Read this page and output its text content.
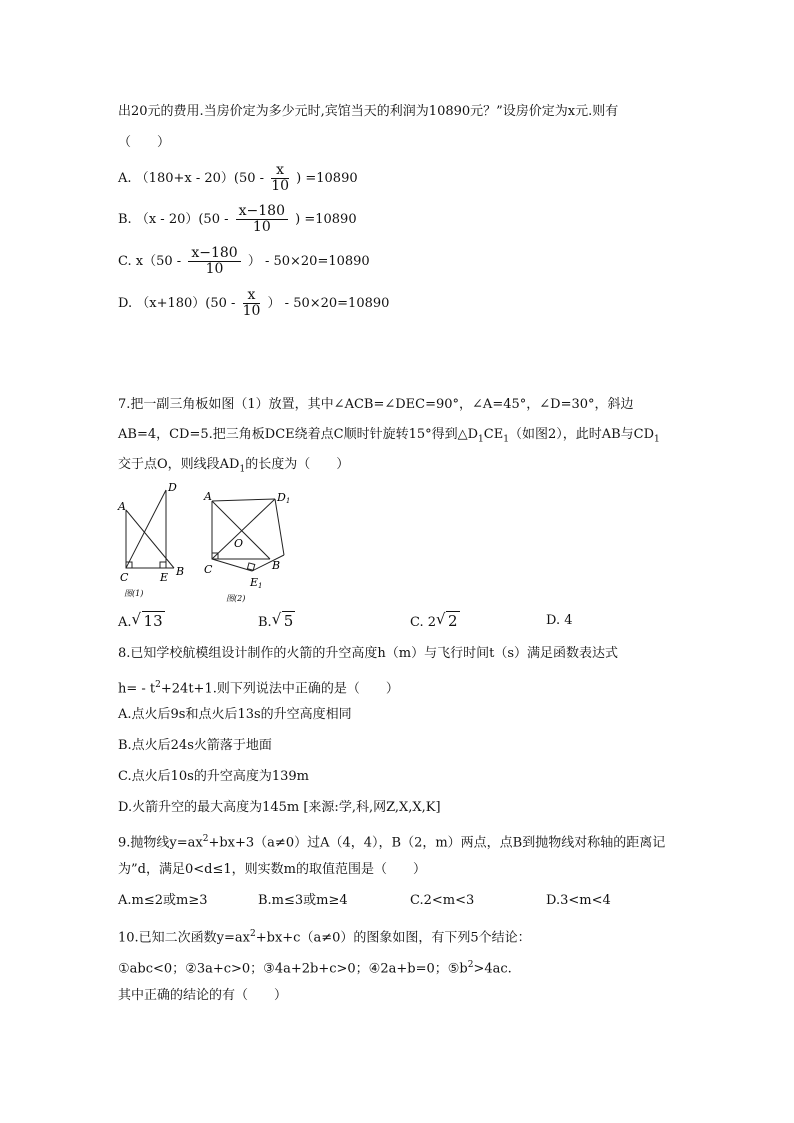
出20元的费用.当房价定为多少元时,宾馆当天的利润为10890元？”设房价定为x元.则有
（　　）
A. $(180+x - 20)(50 - \frac{x}{10}$ ) =10890
B. $(x - 20)(50 - \frac{x-180}{10}$ ) =10890
C. $x(50 - \frac{x-180}{10}$ ） - 50×20=10890
D. $(x+180)(50 - \frac{x}{10}$ ） - 50×20=10890
7.把一副三角板如图（1）放置，其中∠ACB=∠DEC=90°，∠A=45°，∠D=30°，斜边
AB=4，CD=5.把三角板DCE绕着点C顺时针旋转15°得到$\triangle D_1CE_1$（如图2），此时AB与$CD_1$
交于点O，则线段$AD_1$的长度为（　　）
A
D
C	E B
图(1)
A	D1
O
C	B
E1
图(2)
A. √ 13	B. √ 5	C. 2 √ 2	D. 4
8.已知学校航模组设计制作的火箭的升空高度h（m）与飞行时间t（s）满足函数表达式
$h= - t^2+24t+1$.则下列说法中正确的是（　　）
A.点火后9s和点火后13s的升空高度相同
B.点火后24s火箭落于地面
C.点火后10s的升空高度为139m
D.火箭升空的最大高度为145m [来源:学,科,网Z,X,X,K]
9.抛物线$y=ax^2+bx+3(a\ne 0)$过A（4，4），B（2，m）两点，点B到抛物线对称轴的距离记
为”d，满足0<d≤1，则实数m的取值范围是（　　）
A.m≤2或m≥3	B.m≤3或m≥4	C.2<m<3	D.3<m<4
10.已知二次函数$y=ax^2+bx+c(a\ne 0)$的图象如图，有下列5个结论：
①abc<0；②3a+c>0；③4a+2b+c>0；④2a+b=0；$⑤b^2>4ac$.
其中正确的结论的有（　　）
